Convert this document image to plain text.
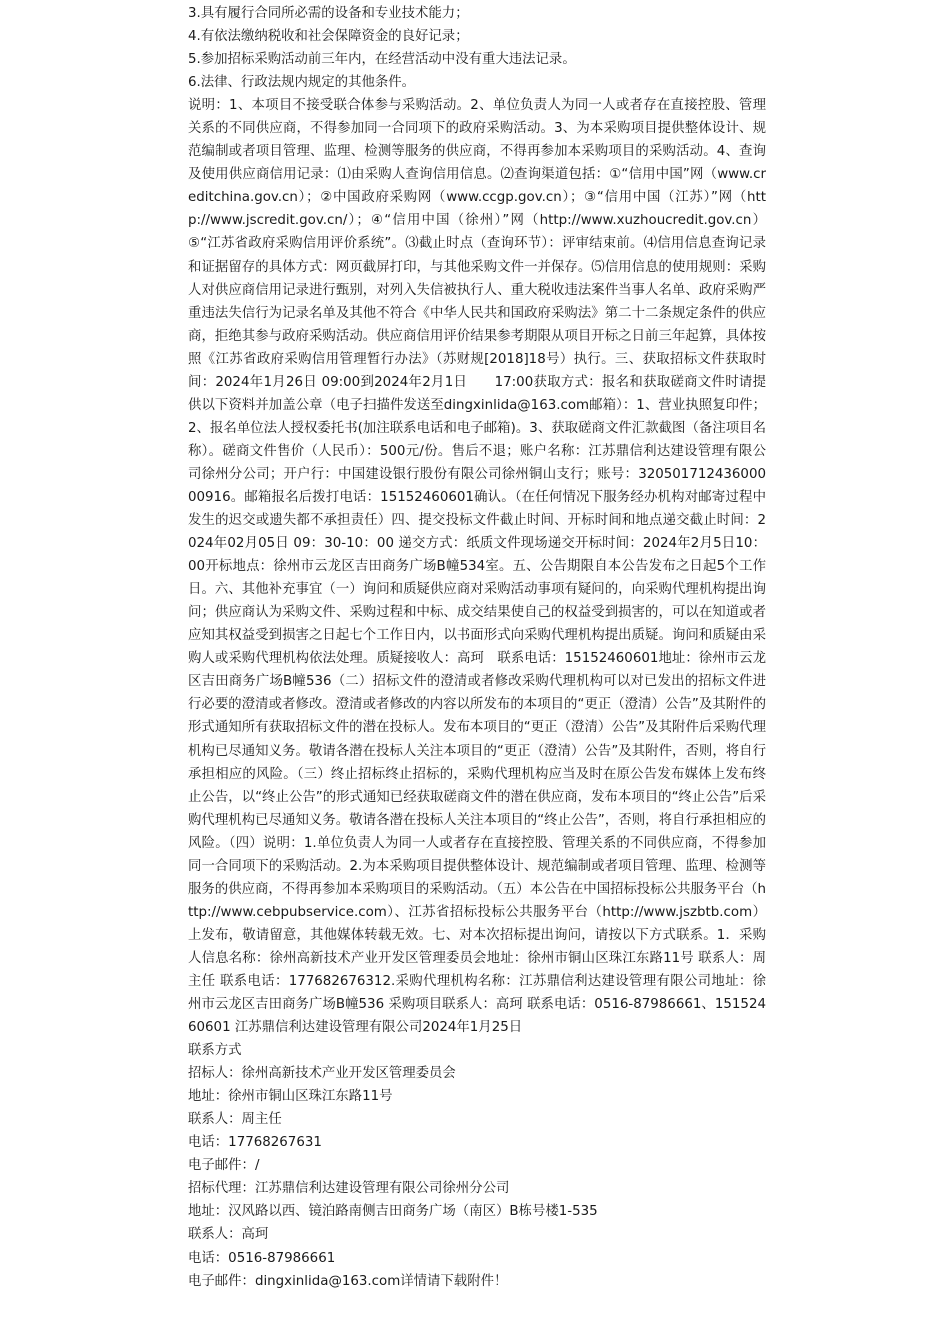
3.具有履行合同所必需的设备和专业技术能力；

4.有依法缴纳税收和社会保障资金的良好记录；

5.参加招标采购活动前三年内，在经营活动中没有重大违法记录。

6.法律、行政法规内规定的其他条件。

说明：1、本项目不接受联合体参与采购活动。2、单位负责人为同一人或者存在直接控股、管理关系的不同供应商，不得参加同一合同项下的政府采购活动。3、为本采购项目提供整体设计、规范编制或者项目管理、监理、检测等服务的供应商，不得再参加本采购项目的采购活动。4、查询及使用供应商信用记录：⑴由采购人查询信用信息。⑵查询渠道包括：①“信用中国”网（www.creditchina.gov.cn）；②中国政府采购网（www.ccgp.gov.cn）；③“信用中国（江苏）”网（http://www.jscredit.gov.cn/）；④“信用中国（徐州）”网（http://www.xuzhoucredit.gov.cn）⑤“江苏省政府采购信用评价系统”。⑶截止时点（查询环节）：评审结束前。⑷信用信息查询记录和证据留存的具体方式：网页截屏打印，与其他采购文件一并保存。⑸信用信息的使用规则：采购人对供应商信用记录进行甄别，对列入失信被执行人、重大税收违法案件当事人名单、政府采购严重违法失信行为记录名单及其他不符合《中华人民共和国政府采购法》第二十二条规定条件的供应商，拒绝其参与政府采购活动。供应商信用评价结果参考期限从项目开标之日前三年起算，具体按照《江苏省政府采购信用管理暂行办法》（苏财规[2018]18号）执行。三、获取招标文件获取时间：2024年1月26日 09:00到2024年2月1日　　17:00获取方式：报名和获取磋商文件时请提供以下资料并加盖公章（电子扫描件发送至dingxinlida@163.com邮箱）：1、营业执照复印件；2、报名单位法人授权委托书(加注联系电话和电子邮箱)。3、获取磋商文件汇款截图（备注项目名称）。磋商文件售价（人民币）：500元/份。售后不退；账户名称：江苏鼎信利达建设管理有限公司徐州分公司；开户行：中国建设银行股份有限公司徐州铜山支行；账号：32050171243600000916。邮箱报名后拨打电话：15152460601确认。（在任何情况下服务经办机构对邮寄过程中发生的迟交或遗失都不承担责任）四、提交投标文件截止时间、开标时间和地点递交截止时间：2024年02月05日 09：30-10：00 递交方式：纸质文件现场递交开标时间：2024年2月5日10：00开标地点：徐州市云龙区吉田商务广场B幢534室。五、公告期限自本公告发布之日起5个工作日。六、其他补充事宜（一）询问和质疑供应商对采购活动事项有疑问的，向采购代理机构提出询问；供应商认为采购文件、采购过程和中标、成交结果使自己的权益受到损害的，可以在知道或者应知其权益受到损害之日起七个工作日内，以书面形式向采购代理机构提出质疑。询问和质疑由采购人或采购代理机构依法处理。质疑接收人：高珂　联系电话：15152460601地址：徐州市云龙区吉田商务广场B幢536（二）招标文件的澄清或者修改采购代理机构可以对已发出的招标文件进行必要的澄清或者修改。澄清或者修改的内容以所发布的本项目的“更正（澄清）公告”及其附件的形式通知所有获取招标文件的潜在投标人。发布本项目的“更正（澄清）公告”及其附件后采购代理机构已尽通知义务。敬请各潜在投标人关注本项目的“更正（澄清）公告”及其附件，否则，将自行承担相应的风险。（三）终止招标终止招标的，采购代理机构应当及时在原公告发布媒体上发布终止公告，以“终止公告”的形式通知已经获取磋商文件的潜在供应商，发布本项目的“终止公告”后采购代理机构已尽通知义务。敬请各潜在投标人关注本项目的“终止公告”，否则，将自行承担相应的风险。（四）说明：1.单位负责人为同一人或者存在直接控股、管理关系的不同供应商，不得参加同一合同项下的采购活动。2.为本采购项目提供整体设计、规范编制或者项目管理、监理、检测等服务的供应商，不得再参加本采购项目的采购活动。（五）本公告在中国招标投标公共服务平台（http://www.cebpubservice.com）、江苏省招标投标公共服务平台（http://www.jszbtb.com）上发布，敬请留意，其他媒体转载无效。七、对本次招标提出询问，请按以下方式联系。1．采购人信息名称：徐州高新技术产业开发区管理委员会地址：徐州市铜山区珠江东路11号 联系人：周主任 联系电话：177682676312.采购代理机构名称：江苏鼎信利达建设管理有限公司地址：徐州市云龙区吉田商务广场B幢536 采购项目联系人：高珂 联系电话：0516-87986661、15152460601 江苏鼎信利达建设管理有限公司2024年1月25日

联系方式

招标人：徐州高新技术产业开发区管理委员会

地址：徐州市铜山区珠江东路11号

联系人：周主任

电话：17768267631

电子邮件：/

招标代理：江苏鼎信利达建设管理有限公司徐州分公司

地址：汉风路以西、镜泊路南侧吉田商务广场（南区）B栋号楼1-535

联系人：高珂

电话：0516-87986661

电子邮件：dingxinlida@163.com详情请下载附件！
